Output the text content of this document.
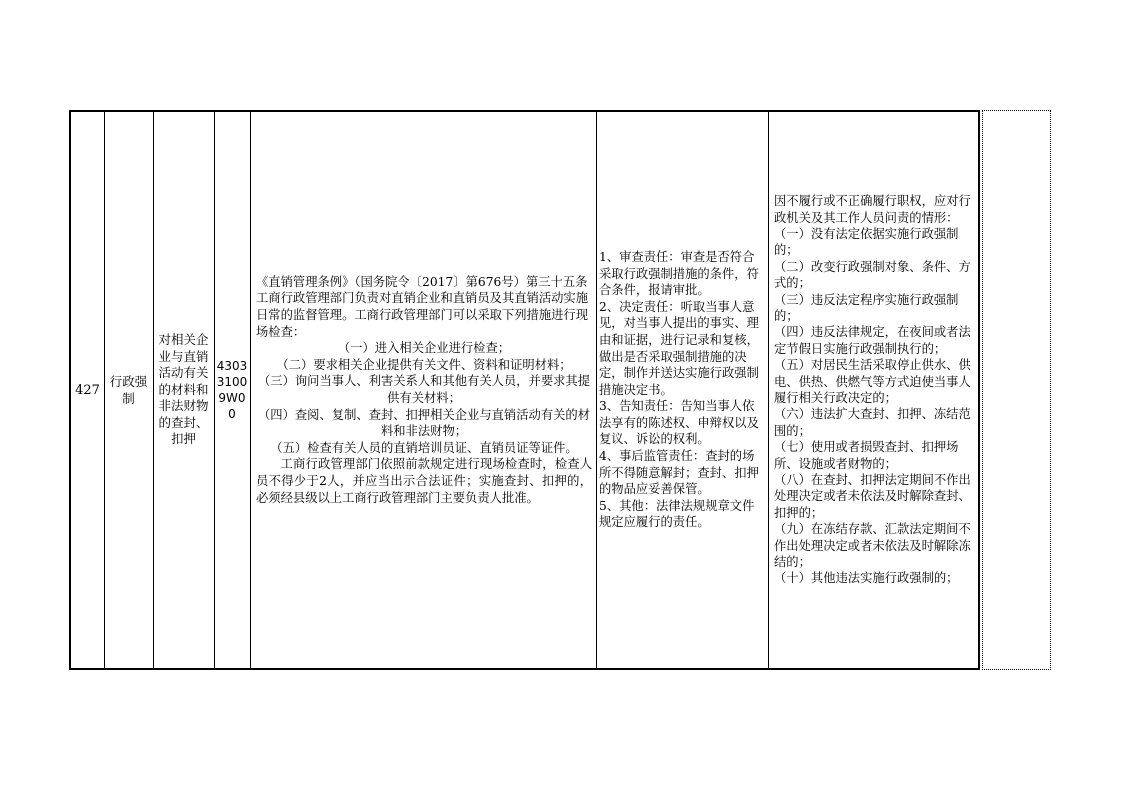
427
行政强制
对相关企业与直销活动有关的材料和非法财物的查封、扣押
430331009W00

《直销管理条例》（国务院令〔2017〕第676号）第三十五条　工商行政管理部门负责对直销企业和直销员及其直销活动实施日常的监督管理。工商行政管理部门可以采取下列措施进行现场检查：

（一）进入相关企业进行检查；

（二）要求相关企业提供有关文件、资料和证明材料；

（三）询问当事人、利害关系人和其他有关人员，并要求其提供有关材料；

（四）查阅、复制、查封、扣押相关企业与直销活动有关的材料和非法财物；

（五）检查有关人员的直销培训员证、直销员证等证件。

工商行政管理部门依照前款规定进行现场检查时，检查人员不得少于2人，并应当出示合法证件；实施查封、扣押的，必须经县级以上工商行政管理部门主要负责人批准。

1、审查责任：审查是否符合采取行政强制措施的条件，符合条件，报请审批。

2、决定责任：听取当事人意见，对当事人提出的事实、理由和证据，进行记录和复核，做出是否采取强制措施的决定，制作并送达实施行政强制措施决定书。

3、告知责任：告知当事人依法享有的陈述权、申辩权以及复议、诉讼的权利。

4、事后监管责任：查封的场所不得随意解封；查封、扣押的物品应妥善保管。

5、其他：法律法规规章文件规定应履行的责任。

因不履行或不正确履行职权，应对行政机关及其工作人员问责的情形：

（一）没有法定依据实施行政强制的；

（二）改变行政强制对象、条件、方式的；

（三）违反法定程序实施行政强制的；

（四）违反法律规定，在夜间或者法定节假日实施行政强制执行的；

（五）对居民生活采取停止供水、供电、供热、供燃气等方式迫使当事人履行相关行政决定的；

（六）违法扩大查封、扣押、冻结范围的；

（七）使用或者损毁查封、扣押场所、设施或者财物的；

（八）在查封、扣押法定期间不作出处理决定或者未依法及时解除查封、扣押的；

（九）在冻结存款、汇款法定期间不作出处理决定或者未依法及时解除冻结的；

（十）其他违法实施行政强制的；
